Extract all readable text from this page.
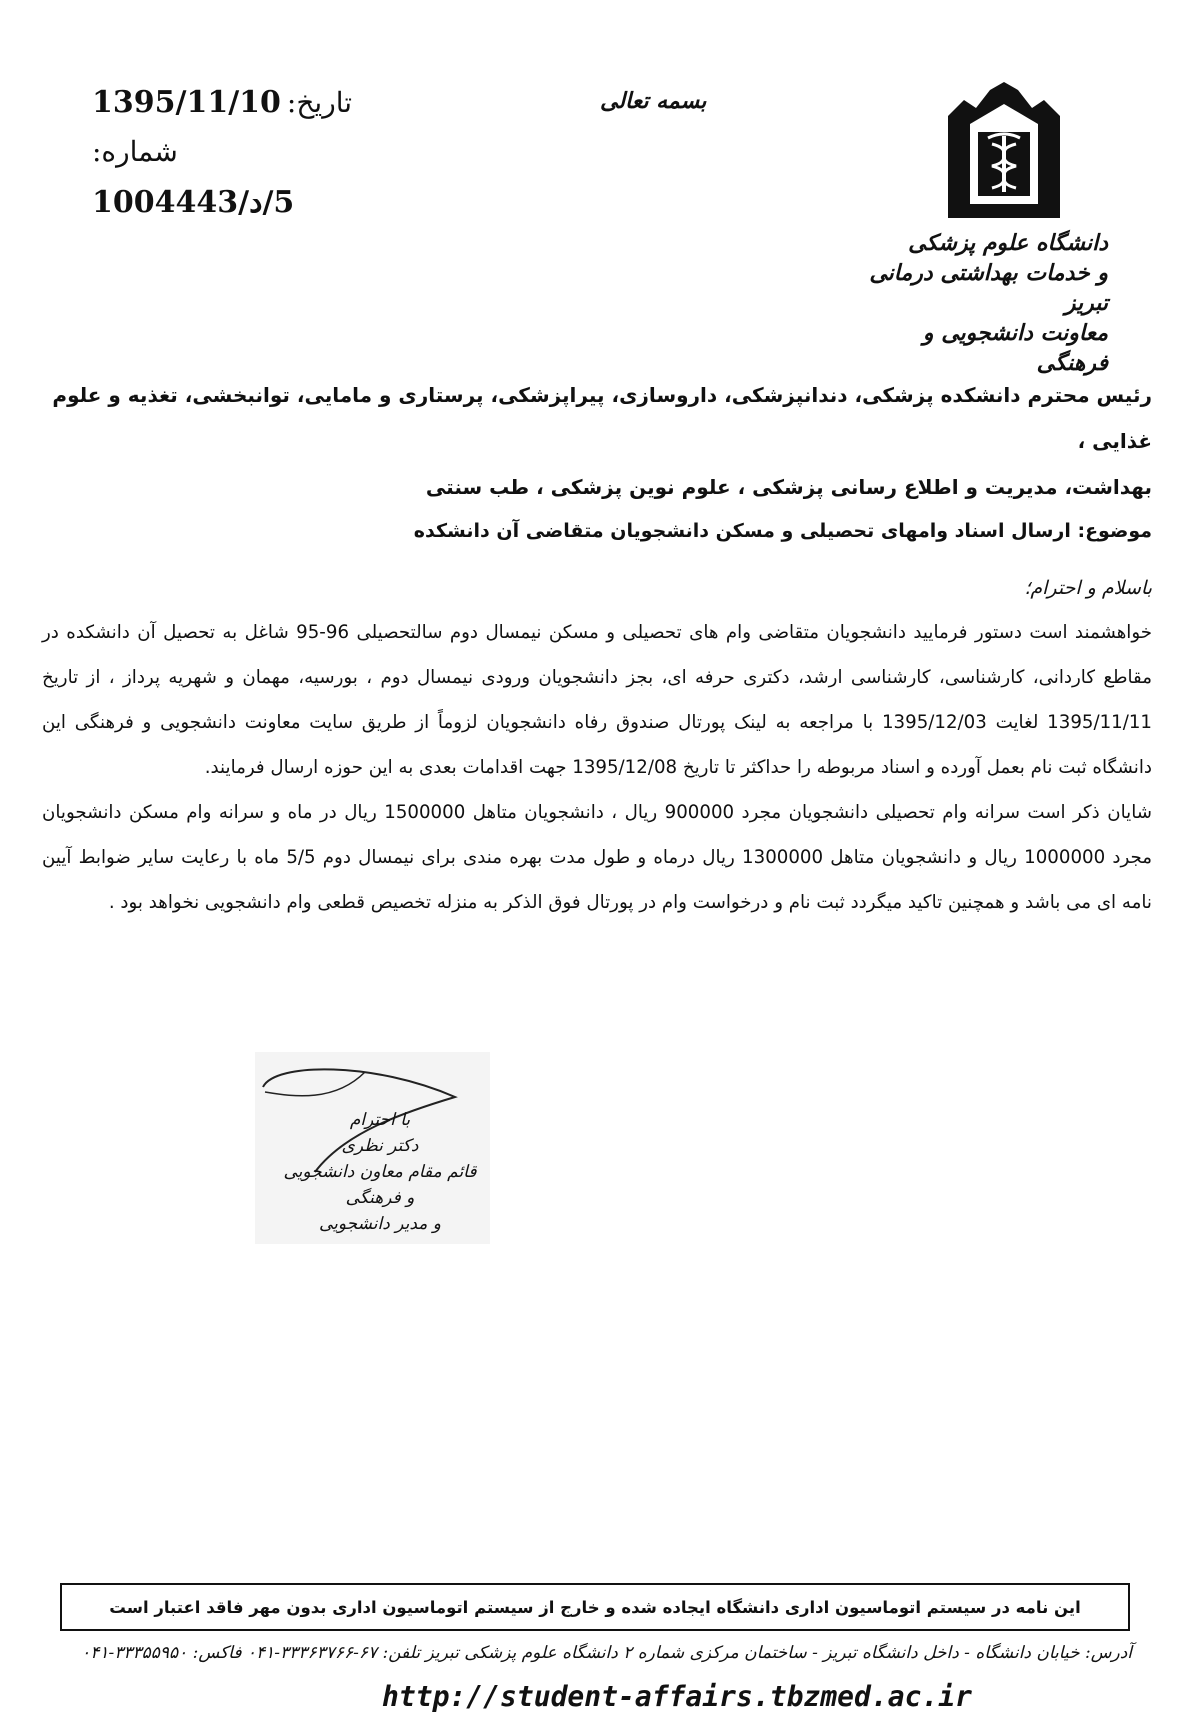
دانشگاه علوم پزشکی
و خدمات بهداشتی درمانی تبریز
معاونت دانشجویی و فرهنگی
بسمه تعالی
تاریخ:
1395/11/10
شماره:
5/د/1004443
رئیس محترم دانشکده پزشکی، دندانپزشکی، داروسازی، پیراپزشکی، پرستاری و مامایی، توانبخشی، تغذیه و علوم غذایی ،
بهداشت، مدیریت و اطلاع رسانی پزشکی ، علوم نوین پزشکی ، طب سنتی
موضوع: ارسال اسناد وامهای تحصیلی و مسکن دانشجویان متقاضی آن دانشکده
باسلام و احترام؛

خواهشمند است دستور فرمایید دانشجویان متقاضی وام های تحصیلی و مسکن نیمسال دوم سالتحصیلی 96-95 شاغل به تحصیل آن دانشکده در مقاطع کاردانی، کارشناسی، کارشناسی ارشد، دکتری حرفه ای، بجز دانشجویان ورودی نیمسال دوم ، بورسیه، مهمان و شهریه پرداز ، از تاریخ 1395/11/11 لغایت 1395/12/03 با مراجعه به لینک پورتال صندوق رفاه دانشجویان لزوماً از طریق سایت معاونت دانشجویی و فرهنگی این دانشگاه ثبت نام بعمل آورده و اسناد مربوطه را حداکثر تا تاریخ 1395/12/08 جهت اقدامات بعدی به این حوزه ارسال فرمایند.

شایان ذکر است سرانه وام تحصیلی دانشجویان مجرد 900000 ریال ، دانشجویان متاهل 1500000 ریال در ماه و سرانه وام مسکن دانشجویان مجرد 1000000 ریال و دانشجویان متاهل 1300000 ریال درماه و طول مدت بهره مندی برای نیمسال دوم 5/5 ماه با رعایت سایر ضوابط آیین نامه ای می باشد و همچنین تاکید میگردد ثبت نام و درخواست وام در پورتال فوق الذکر به منزله تخصیص قطعی وام دانشجویی نخواهد بود .

با احترام
دکتر نظری
قائم مقام معاون دانشجویی و فرهنگی
و مدیر دانشجویی
این نامه در سیستم اتوماسیون اداری دانشگاه ایجاده شده و خارج از سیستم اتوماسیون اداری بدون مهر فاقد اعتبار است
آدرس: خیابان دانشگاه - داخل دانشگاه تبریز - ساختمان مرکزی شماره ۲ دانشگاه علوم پزشکی تبریز تلفن: ۶۷-۳۳۳۶۳۷۶۶-۰۴۱ فاکس: ۳۳۳۵۵۹۵۰-۰۴۱
http://student-affairs.tbzmed.ac.ir
